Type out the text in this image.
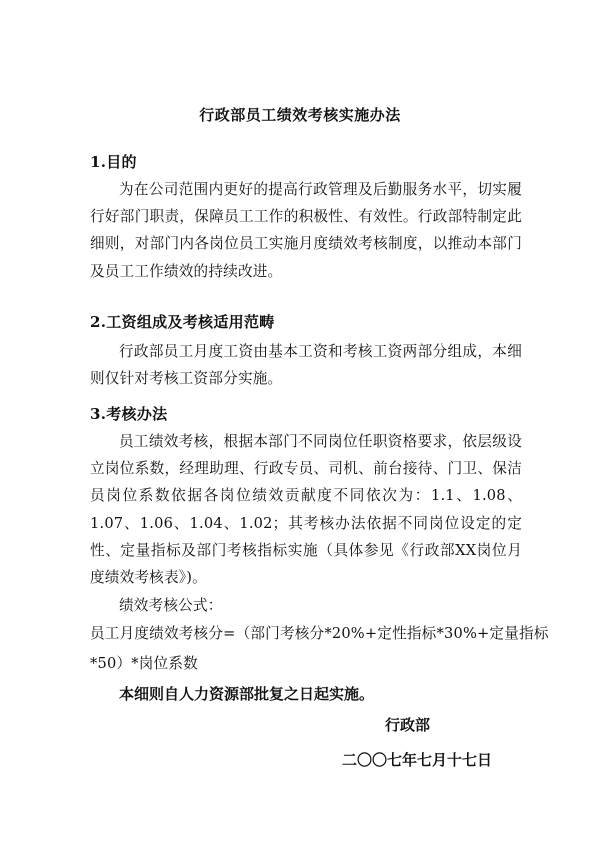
行政部员工绩效考核实施办法
1.目的
为在公司范围内更好的提高行政管理及后勤服务水平，切实履行好部门职责，保障员工工作的积极性、有效性。行政部特制定此细则，对部门内各岗位员工实施月度绩效考核制度，以推动本部门及员工工作绩效的持续改进。
2.工资组成及考核适用范畴
行政部员工月度工资由基本工资和考核工资两部分组成，本细则仅针对考核工资部分实施。
3.考核办法
员工绩效考核，根据本部门不同岗位任职资格要求，依层级设立岗位系数，经理助理、行政专员、司机、前台接待、门卫、保洁员岗位系数依据各岗位绩效贡献度不同依次为：1.1、1.08、1.07、1.06、1.04、1.02；其考核办法依据不同岗位设定的定性、定量指标及部门考核指标实施（具体参见《行政部XX岗位月度绩效考核表》)。
绩效考核公式：
员工月度绩效考核分=（部门考核分*20%+定性指标*30%+定量指标
*50）*岗位系数
本细则自人力资源部批复之日起实施。
行政部
二〇〇七年七月十七日
